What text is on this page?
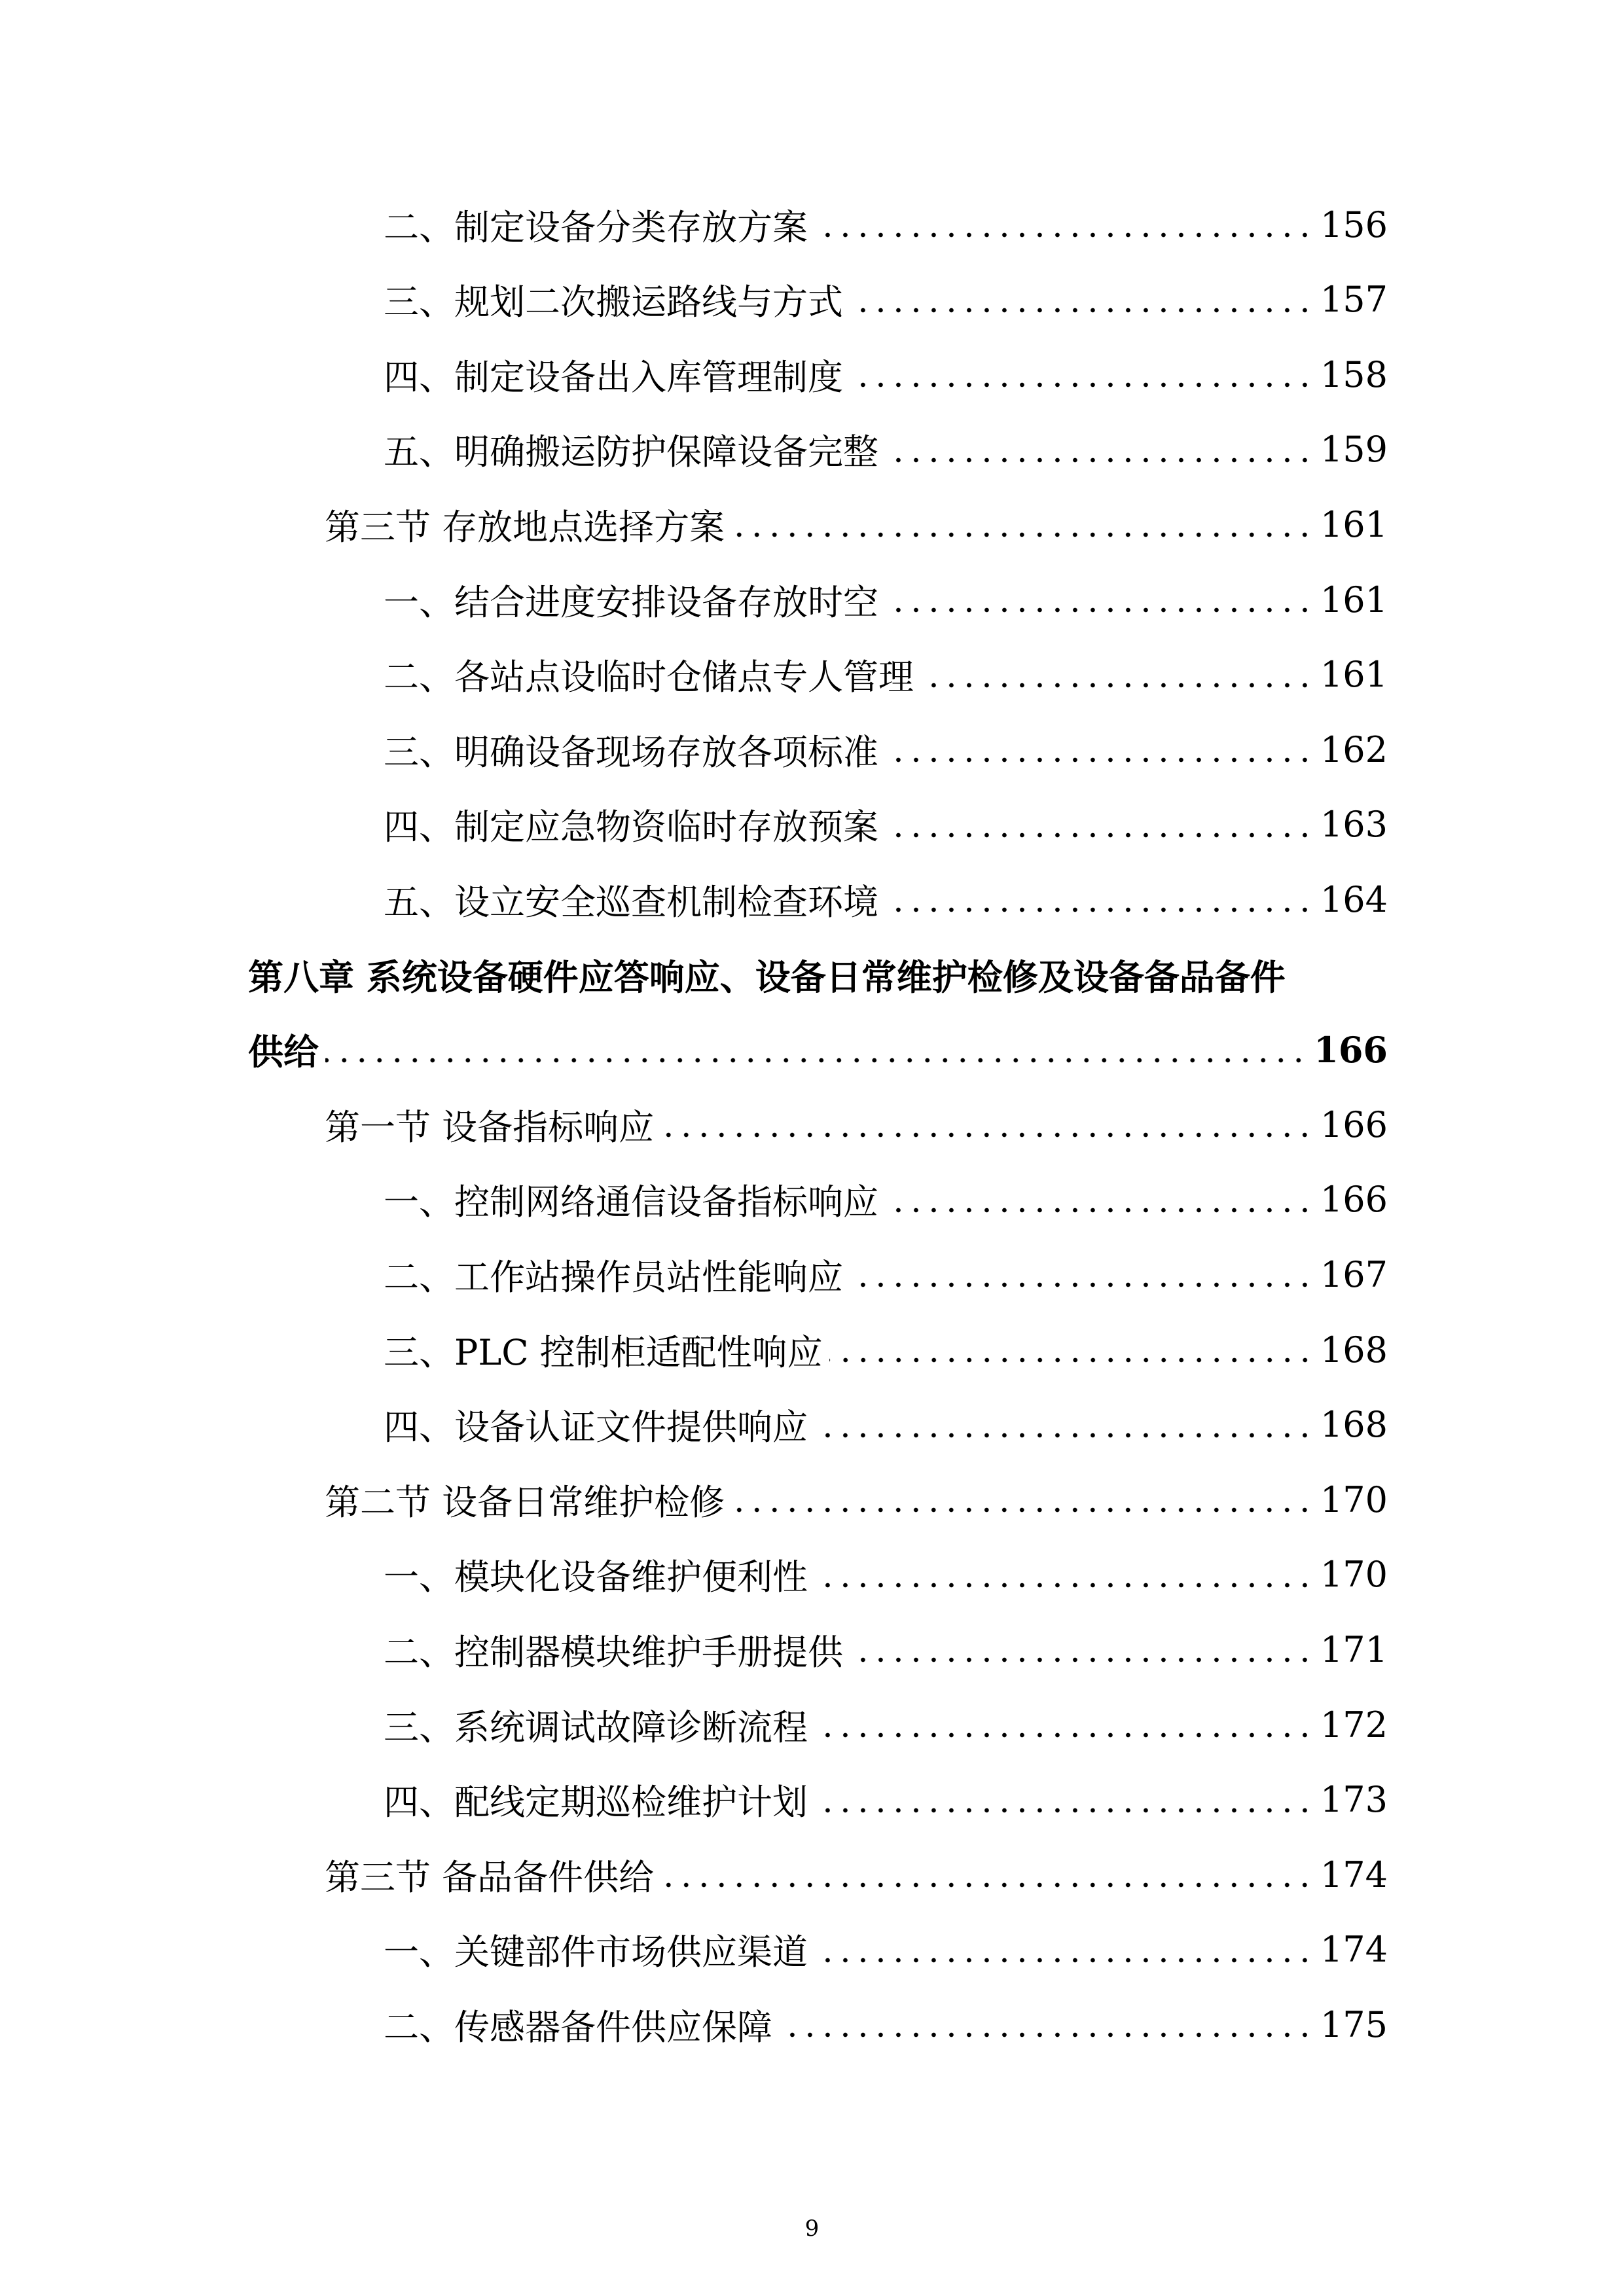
二、制定设备分类存放方案	156
三、规划二次搬运路线与方式	157
四、制定设备出入库管理制度	158
五、明确搬运防护保障设备完整	159
第三节 存放地点选择方案	161
一、结合进度安排设备存放时空	161
二、各站点设临时仓储点专人管理	161
三、明确设备现场存放各项标准	162
四、制定应急物资临时存放预案	163
五、设立安全巡查机制检查环境	164
第八章 系统设备硬件应答响应、设备日常维护检修及设备备品备件
供给	166
第一节 设备指标响应	166
一、控制网络通信设备指标响应	166
二、工作站操作员站性能响应	167
三、PLC 控制柜适配性响应	168
四、设备认证文件提供响应	168
第二节 设备日常维护检修	170
一、模块化设备维护便利性	170
二、控制器模块维护手册提供	171
三、系统调试故障诊断流程	172
四、配线定期巡检维护计划	173
第三节 备品备件供给	174
一、关键部件市场供应渠道	174
二、传感器备件供应保障	175
9
